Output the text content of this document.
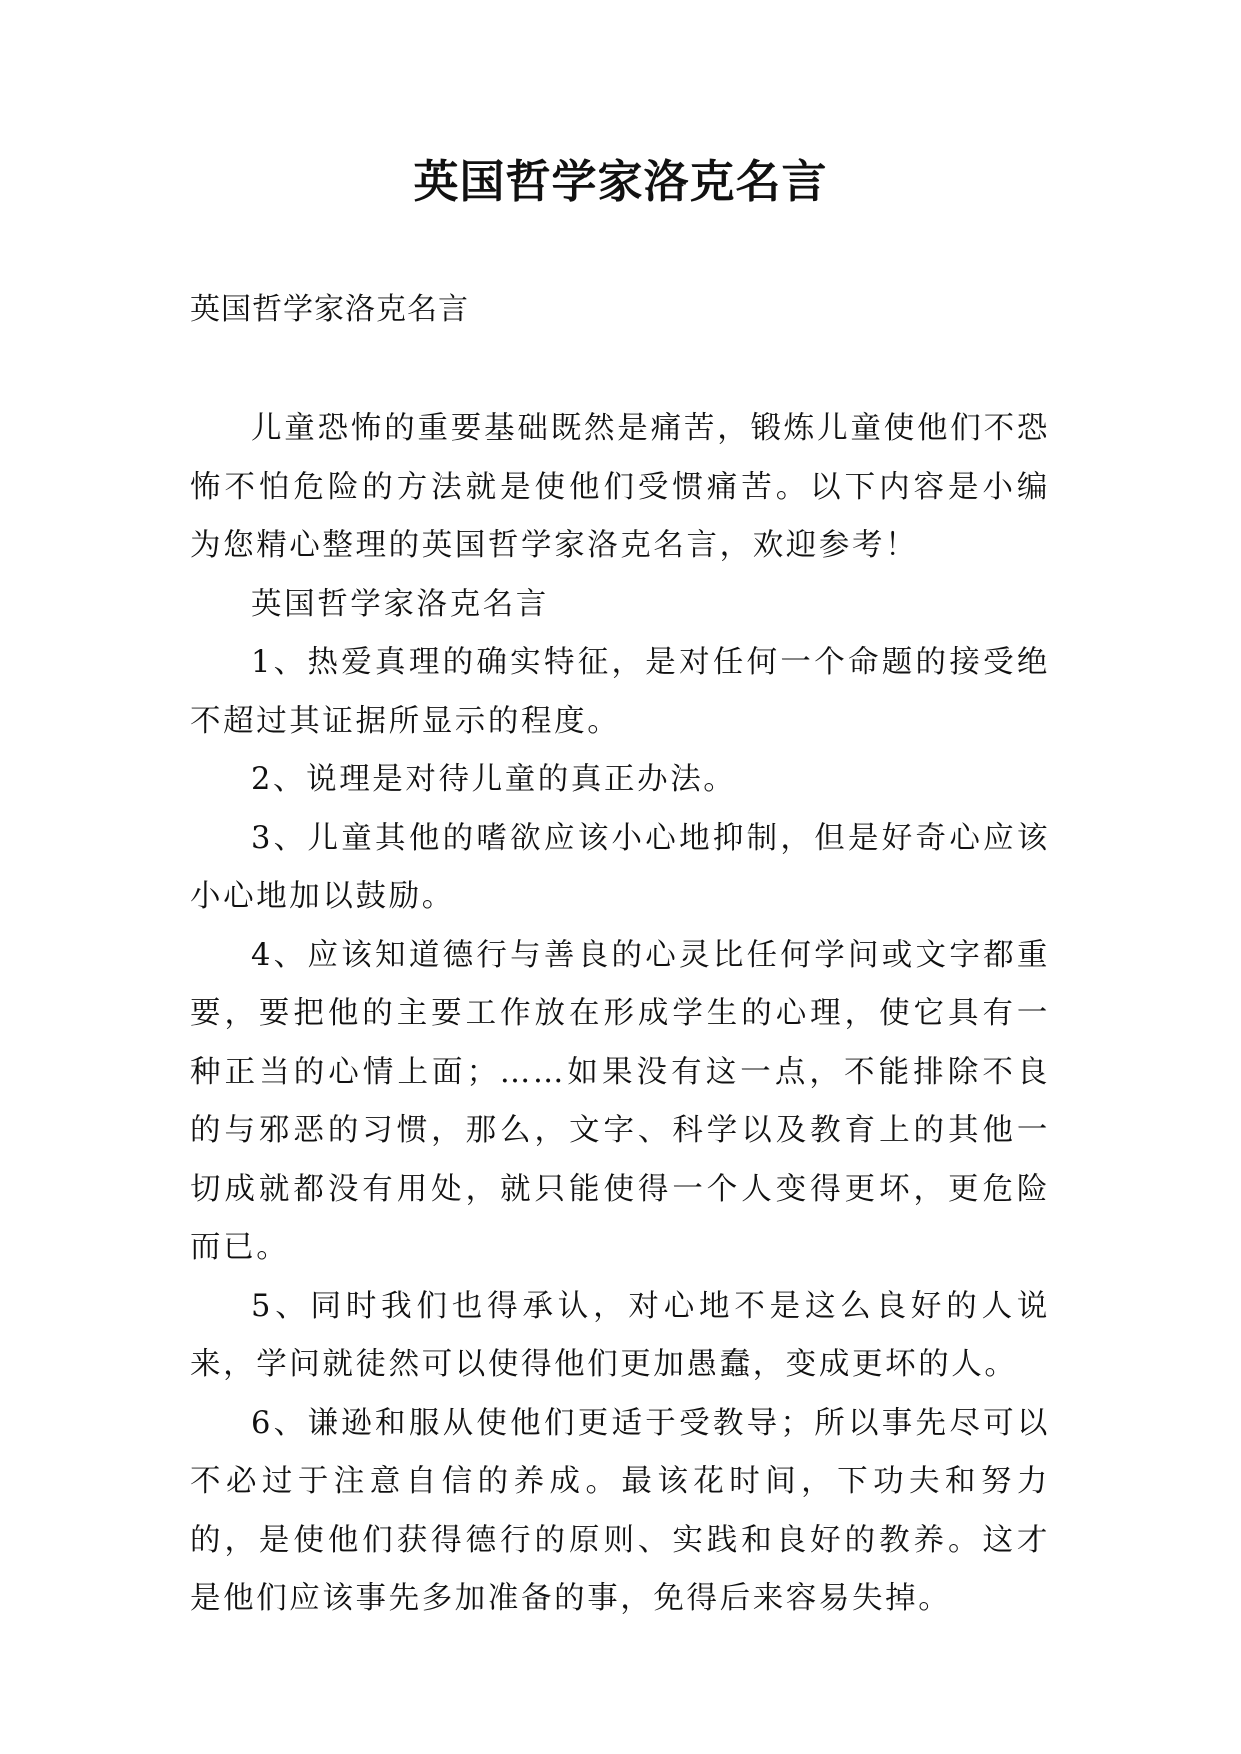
英国哲学家洛克名言
英国哲学家洛克名言

儿童恐怖的重要基础既然是痛苦，锻炼儿童使他们不恐怖不怕危险的方法就是使他们受惯痛苦。以下内容是小编为您精心整理的英国哲学家洛克名言，欢迎参考！

英国哲学家洛克名言

1、热爱真理的确实特征，是对任何一个命题的接受绝不超过其证据所显示的程度。

2、说理是对待儿童的真正办法。

3、儿童其他的嗜欲应该小心地抑制，但是好奇心应该小心地加以鼓励。

4、应该知道德行与善良的心灵比任何学问或文字都重要，要把他的主要工作放在形成学生的心理，使它具有一种正当的心情上面；……如果没有这一点，不能排除不良的与邪恶的习惯，那么，文字、科学以及教育上的其他一切成就都没有用处，就只能使得一个人变得更坏，更危险而已。

5、同时我们也得承认，对心地不是这么良好的人说来，学问就徒然可以使得他们更加愚蠢，变成更坏的人。

6、谦逊和服从使他们更适于受教导；所以事先尽可以不必过于注意自信的养成。最该花时间，下功夫和努力的，是使他们获得德行的原则、实践和良好的教养。这才是他们应该事先多加准备的事，免得后来容易失掉。
